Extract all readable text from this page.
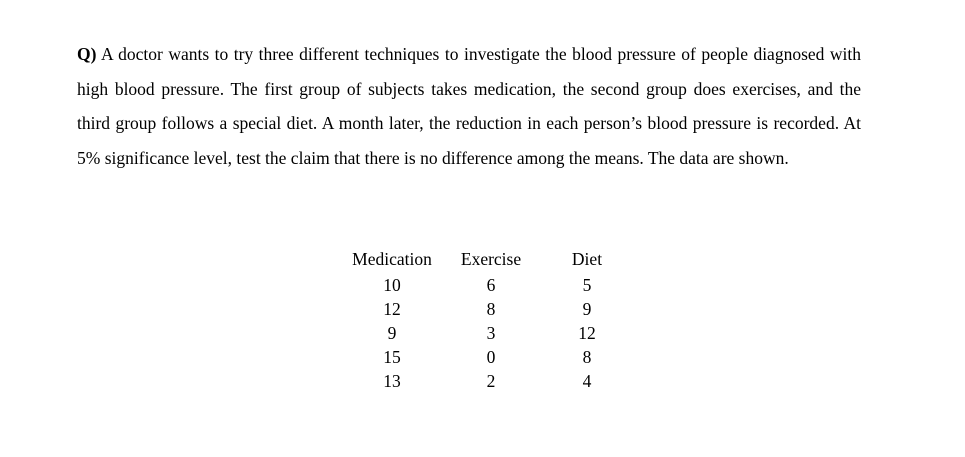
Q) A doctor wants to try three different techniques to investigate the blood pressure of people diagnosed with high blood pressure. The first group of subjects takes medication, the second group does exercises, and the third group follows a special diet. A month later, the reduction in each person’s blood pressure is recorded. At 5% significance level, test the claim that there is no difference among the means. The data are shown.

Medication	Exercise	Diet
10	6	5
12	8	9
9	3	12
15	0	8
13	2	4
